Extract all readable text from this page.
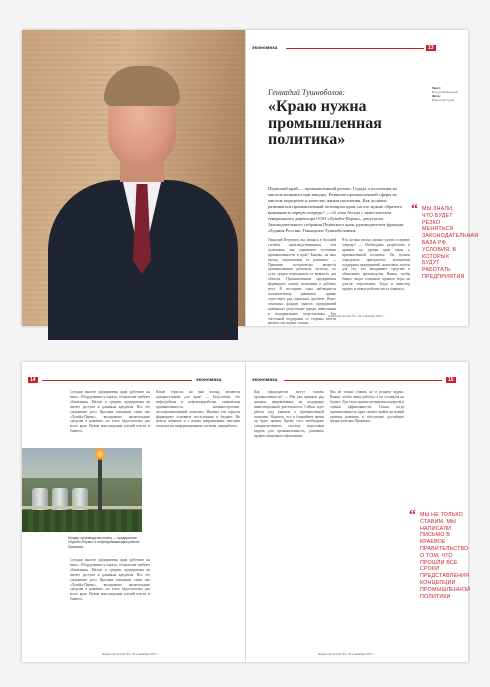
экономика	13
Текст:
Вячеслав Яковлев
Фото:
Вячеслав Гуров
Геннадий Тушноболов:
«Краю нужна промышленная политика»
Пермский край — промышленный регион. Города и поселения во многом возникли при заводах. Развитие промышленной сферы во многом определит и качество жизни населения. Как должны развиваться промышленный потенциал края, на что нужно обратить внимание в первую очередь? — об этом беседа с заместителем генерального директора ООО «Лукойл-Пермь», депутатом Законодательного собрания Пермского края, руководителем фракции «Единая Россия» Геннадием Тушноболовым.
Геннадий Петрович, вы, являясь в большей степени производственником, чем политиком, как оцениваете состояние промышленности в крае? Каковы, на ваш взгляд, перспективы ее развития? — Прикамье исторически является промышленным регионом, поэтому, по сути, трудно переоценить ее важность для области. Промышленные предприятия формируют основу экономики и рабочих мест. В последние годы наблюдается положительная динамика, однако существует ряд серьезных проблем. Износ основных фондов многих предприятий превышает допустимые нормы, инвестиции в модернизацию недостаточны. Без системной поддержки со стороны власти решить эти задачи сложно.
Что, на ваш взгляд, нужно сделать в первую очередь? — Необходимо разработать и принять на уровне края закон о промышленной политике. Он должен определить приоритеты, механизмы поддержки предприятий, налоговые льготы для тех, кто вкладывает средства в обновление производства. Важно, чтобы бизнес видел понятные правила игры на долгую перспективу. Тогда и инвестор придет, и новые рабочие места появятся.
“ МЫ ЗНАЛИ, ЧТО БУДЕТ РЕЗКО МЕНЯТЬСЯ ЗАКОНОДАТЕЛЬНАЯ БАЗА РФ. УСЛОВИЯ, В КОТОРЫХ БУДУТ РАБОТАТЬ ПРЕДПРИЯТИЯ
Пермский регион №1, 26 сентября 2007 г.
14	экономика
Сегодня многие предприятия края работают на износ. Оборудование устарело, технологии требуют обновления. Малые и средние предприятия не имеют доступа к длинным кредитам. Все это сдерживает рост. Крупные компании, такие как «Лукойл-Пермь», вкладывают значительные средства в развитие, но этого недостаточно для всего края. Нужна консолидация усилий власти и бизнеса.
Моцарт производства нефти — предприятие «Лукойл-Пермь» в нефтедобывающем районе Прикамья
Сегодня многие предприятия края работают на износ. Оборудование устарело, технологии требуют обновления. Малые и средние предприятия не имеют доступа к длинным кредитам. Все это сдерживает рост. Крупные компании, такие как «Лукойл-Пермь», вкладывают значительные средства в развитие, но этого недостаточно для всего края. Нужна консолидация усилий власти и бизнеса.
Какие отрасли, на ваш взгляд, являются приоритетными для края? — Безусловно, это нефтедобыча и нефтепереработка, химическая промышленность, машиностроение, лесопромышленный комплекс. Именно эти отрасли формируют основные поступления в бюджет. Но нельзя забывать и о новых направлениях: высокие технологии, информационные системы, переработка.
Пермский регион №1, 26 сентября 2007 г.
экономика	15
Как законодатели могут помочь промышленности? — Мы уже приняли ряд законов, направленных на поддержку инвестиционной деятельности. Сейчас идет работа над законом о промышленной политике. Надеюсь, что в ближайшее время он будет принят. Кроме того, необходимо совершенствовать систему подготовки кадров для промышленности, развивать профессиональное образование.
Мы не только ставим, но и решаем задачи. Важно, чтобы закон работал, а не оставался на бумаге. Для этого нужны механизмы контроля и оценки эффективности. Только тогда промышленность края сможет выйти на новый уровень развития и обеспечить достойную жизнь жителям Прикамья.
“ МЫ НЕ ТОЛЬКО СТАВИМ, МЫ НАПИСАЛИ ПИСЬМО В КРАЕВОЕ ПРАВИТЕЛЬСТВО О ТОМ, ЧТО ПРОШЛИ ВСЕ СРОКИ ПРЕДСТАВЛЕНИЯ КОНЦЕПЦИИ ПРОМЫШЛЕННОЙ ПОЛИТИКИ
Пермский регион №1, 26 сентября 2007 г.
